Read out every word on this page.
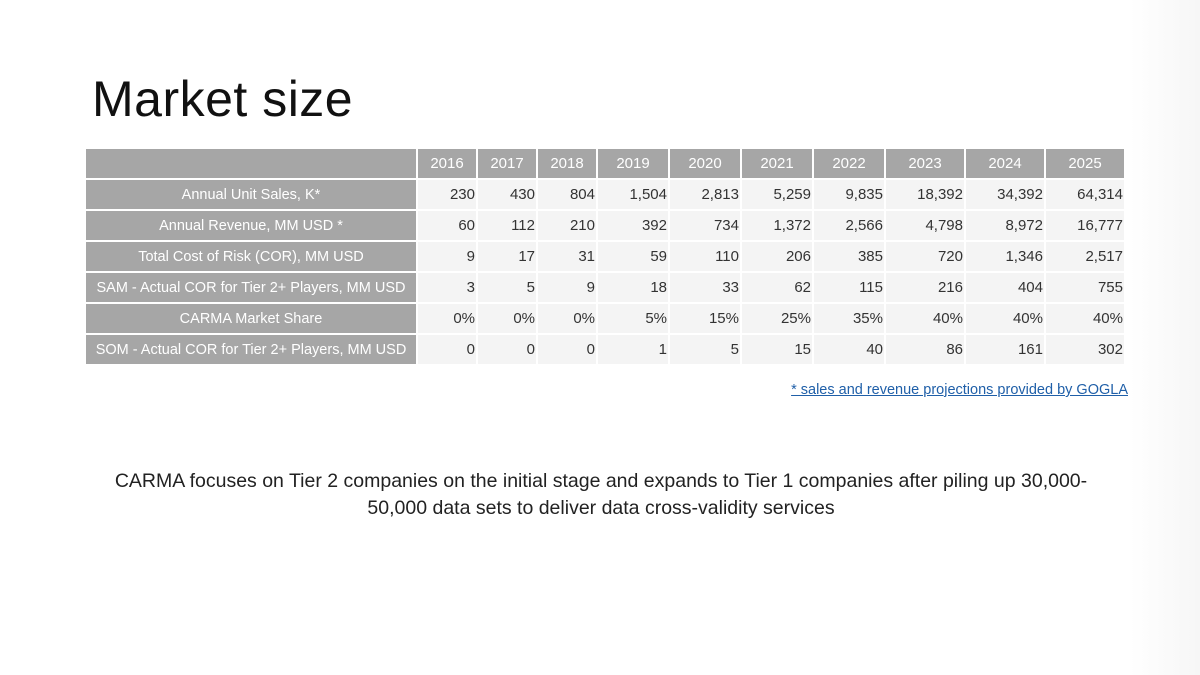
Market size
	2016	2017	2018	2019	2020	2021	2022	2023	2024	2025
Annual Unit Sales, K*	230	430	804	1,504	2,813	5,259	9,835	18,392	34,392	64,314
Annual Revenue, MM USD *	60	112	210	392	734	1,372	2,566	4,798	8,972	16,777
Total Cost of Risk (COR), MM USD	9	17	31	59	110	206	385	720	1,346	2,517
SAM - Actual COR for Tier 2+ Players, MM USD	3	5	9	18	33	62	115	216	404	755
CARMA Market Share	0%	0%	0%	5%	15%	25%	35%	40%	40%	40%
SOM - Actual COR for Tier 2+ Players, MM USD	0	0	0	1	5	15	40	86	161	302
* sales and revenue projections provided by GOGLA

CARMA focuses on Tier 2 companies on the initial stage and expands to Tier 1 companies after piling up 30,000-50,000 data sets to deliver data cross-validity services
